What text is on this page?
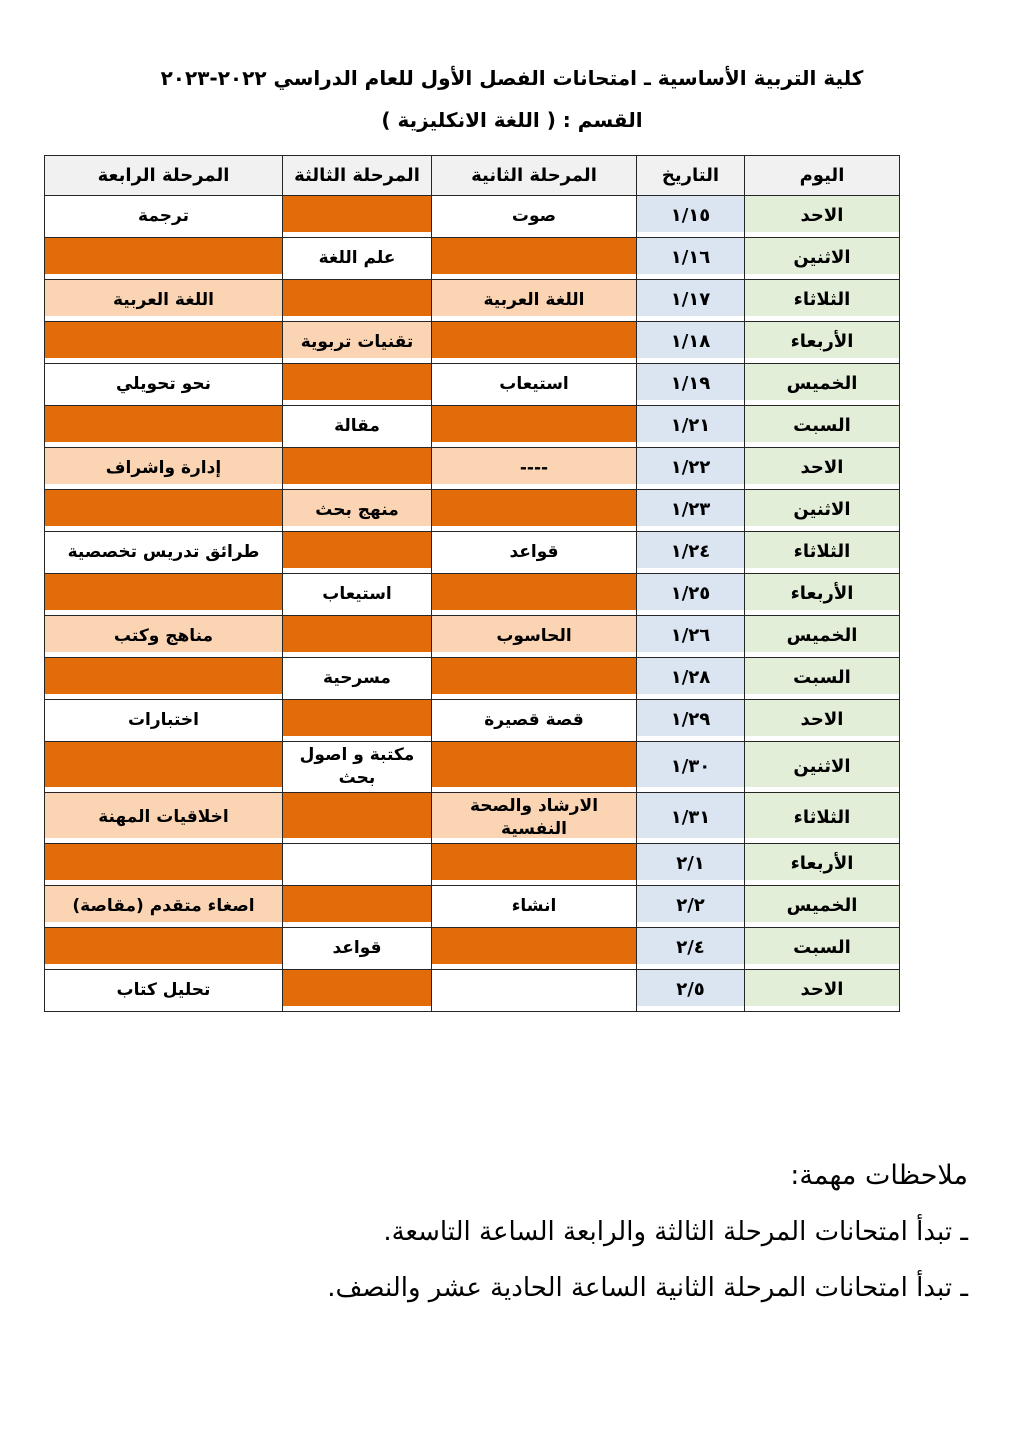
كلية التربية الأساسية ـ امتحانات الفصل الأول للعام الدراسي ٢٠٢٢-٢٠٢٣
القسم : ( اللغة الانكليزية )
اليوم	التاريخ	المرحلة الثانية	المرحلة الثالثة	المرحلة الرابعة
الاحد	١/١٥	صوت		ترجمة
الاثنين	١/١٦		علم اللغة	
الثلاثاء	١/١٧	اللغة العربية		اللغة العربية
الأربعاء	١/١٨		تقنيات تربوية	
الخميس	١/١٩	استيعاب		نحو تحويلي
السبت	١/٢١		مقالة	
الاحد	١/٢٢	----		إدارة واشراف
الاثنين	١/٢٣		منهج بحث	
الثلاثاء	١/٢٤	قواعد		طرائق تدريس تخصصية
الأربعاء	١/٢٥		استيعاب	
الخميس	١/٢٦	الحاسوب		مناهج وكتب
السبت	١/٢٨		مسرحية	
الاحد	١/٢٩	قصة قصيرة		اختبارات
الاثنين	١/٣٠		مكتبة و اصول بحث	
الثلاثاء	١/٣١	الارشاد والصحة النفسية		اخلاقيات المهنة
الأربعاء	٢/١			
الخميس	٢/٢	انشاء		اصغاء متقدم (مقاصة)
السبت	٢/٤		قواعد	
الاحد	٢/٥			تحليل كتاب
ملاحظات مهمة:
ـ تبدأ امتحانات المرحلة الثالثة والرابعة الساعة التاسعة.
ـ تبدأ امتحانات المرحلة الثانية الساعة الحادية عشر والنصف.
